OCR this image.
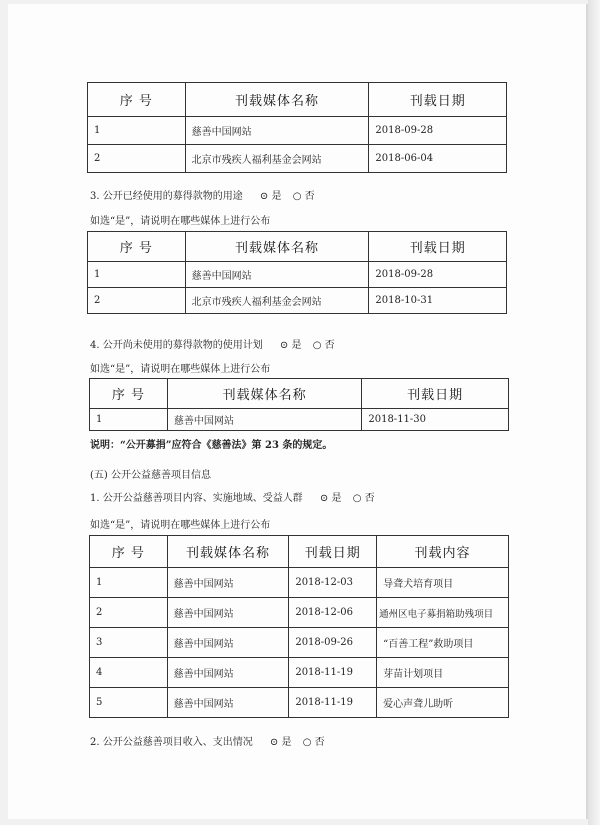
序 号	刊载媒体名称	刊载日期
1	慈善中国网站	2018-09-28
2	北京市残疾人福利基金会网站	2018-06-04
3. 公开已经使用的募得款物的用途 ⊙ 是 ○ 否
如选“是”，请说明在哪些媒体上进行公布
序 号	刊载媒体名称	刊载日期
1	慈善中国网站	2018-09-28
2	北京市残疾人福利基金会网站	2018-10-31
4. 公开尚未使用的募得款物的使用计划 ⊙ 是 ○ 否
如选“是”，请说明在哪些媒体上进行公布
序 号	刊载媒体名称	刊载日期
1	慈善中国网站	2018-11-30
说明：“公开募捐”应符合《慈善法》第 23 条的规定。
(五) 公开公益慈善项目信息
1. 公开公益慈善项目内容、实施地域、受益人群 ⊙ 是 ○ 否
如选“是”，请说明在哪些媒体上进行公布
序 号	刊载媒体名称	刊载日期	刊载内容
1	慈善中国网站	2018-12-03	导聋犬培育项目
2	慈善中国网站	2018-12-06	通州区电子募捐箱助残项目
3	慈善中国网站	2018-09-26	“百善工程”救助项目
4	慈善中国网站	2018-11-19	芽苗计划项目
5	慈善中国网站	2018-11-19	爱心声聋儿助听
2. 公开公益慈善项目收入、支出情况 ⊙ 是 ○ 否
